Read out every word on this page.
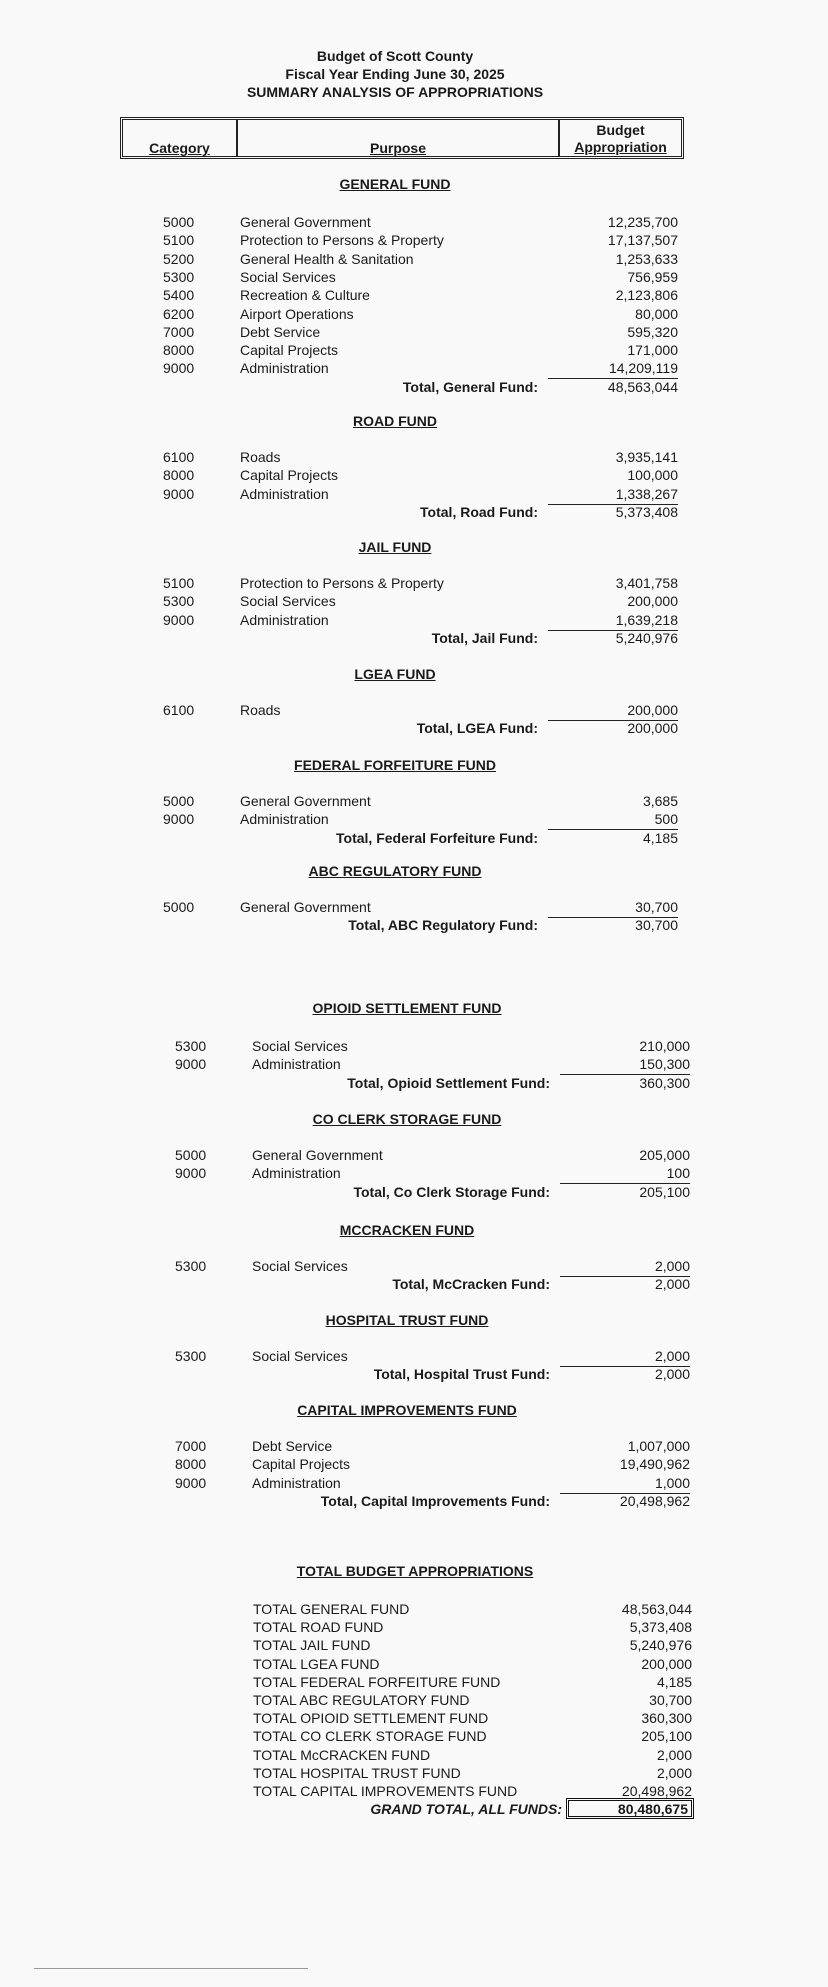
Budget of Scott County
Fiscal Year Ending June 30, 2025
SUMMARY ANALYSIS OF APPROPRIATIONS
Category	Purpose
Budget
Appropriation
GENERAL FUND
5000	General Government	12,235,700
5100	Protection to Persons & Property	17,137,507
5200	General Health & Sanitation	1,253,633
5300	Social Services	756,959
5400	Recreation & Culture	2,123,806
6200	Airport Operations	80,000
7000	Debt Service	595,320
8000	Capital Projects	171,000
9000	Administration	14,209,119
Total, General Fund:	48,563,044
ROAD FUND
6100	Roads	3,935,141
8000	Capital Projects	100,000
9000	Administration	1,338,267
Total, Road Fund:	5,373,408
JAIL FUND
5100	Protection to Persons & Property	3,401,758
5300	Social Services	200,000
9000	Administration	1,639,218
Total, Jail Fund:	5,240,976
LGEA FUND
6100	Roads	200,000
Total, LGEA Fund:	200,000
FEDERAL FORFEITURE FUND
5000	General Government	3,685
9000	Administration	500
Total, Federal Forfeiture Fund:	4,185
ABC REGULATORY FUND
5000	General Government	30,700
Total, ABC Regulatory Fund:	30,700
OPIOID SETTLEMENT FUND
5300	Social Services	210,000
9000	Administration	150,300
Total, Opioid Settlement Fund:	360,300
CO CLERK STORAGE FUND
5000	General Government	205,000
9000	Administration	100
Total, Co Clerk Storage Fund:	205,100
MCCRACKEN FUND
5300	Social Services	2,000
Total, McCracken Fund:	2,000
HOSPITAL TRUST FUND
5300	Social Services	2,000
Total, Hospital Trust Fund:	2,000
CAPITAL IMPROVEMENTS FUND
7000	Debt Service	1,007,000
8000	Capital Projects	19,490,962
9000	Administration	1,000
Total, Capital Improvements Fund:	20,498,962
TOTAL BUDGET APPROPRIATIONS
TOTAL GENERAL FUND	48,563,044
TOTAL ROAD FUND	5,373,408
TOTAL JAIL FUND	5,240,976
TOTAL LGEA FUND	200,000
TOTAL FEDERAL FORFEITURE FUND	4,185
TOTAL ABC REGULATORY FUND	30,700
TOTAL OPIOID SETTLEMENT FUND	360,300
TOTAL CO CLERK STORAGE FUND	205,100
TOTAL McCRACKEN FUND	2,000
TOTAL HOSPITAL TRUST FUND	2,000
TOTAL CAPITAL IMPROVEMENTS FUND	20,498,962
GRAND TOTAL, ALL FUNDS:	80,480,675
